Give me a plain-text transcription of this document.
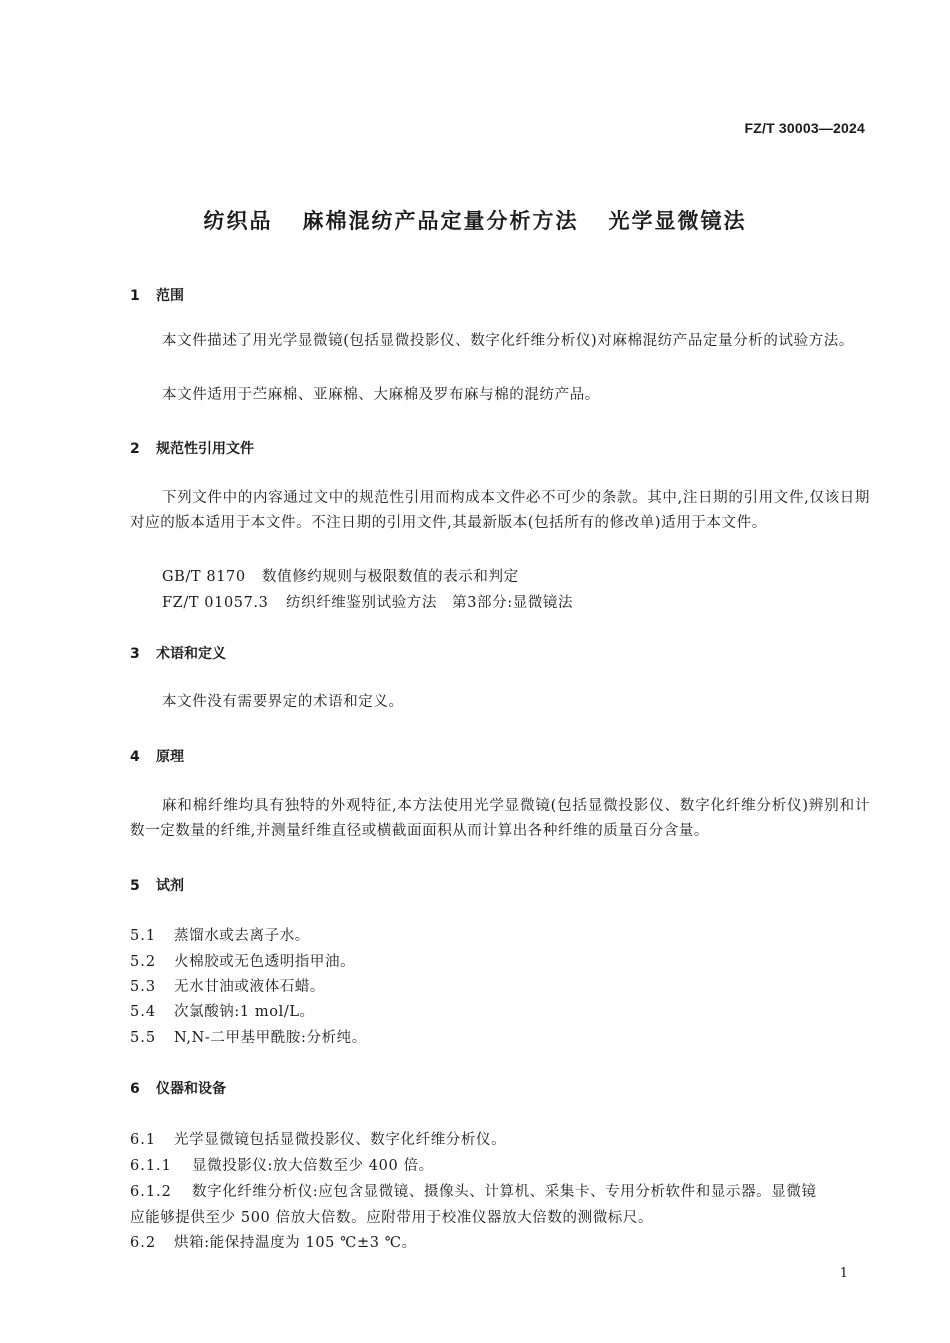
FZ/T 30003—2024
纺织品 麻棉混纺产品定量分析方法 光学显微镜法
1 范围
本文件描述了用光学显微镜(包括显微投影仪、数字化纤维分析仪)对麻棉混纺产品定量分析的试验方法。
本文件适用于苎麻棉、亚麻棉、大麻棉及罗布麻与棉的混纺产品。
2 规范性引用文件
下列文件中的内容通过文中的规范性引用而构成本文件必不可少的条款。其中,注日期的引用文件,仅该日期对应的版本适用于本文件。不注日期的引用文件,其最新版本(包括所有的修改单)适用于本文件。
GB/T 8170 数值修约规则与极限数值的表示和判定
FZ/T 01057.3 纺织纤维鉴别试验方法　第3部分:显微镜法
3 术语和定义
本文件没有需要界定的术语和定义。
4 原理
麻和棉纤维均具有独特的外观特征,本方法使用光学显微镜(包括显微投影仪、数字化纤维分析仪)辨别和计数一定数量的纤维,并测量纤维直径或横截面面积从而计算出各种纤维的质量百分含量。
5 试剂
5.1 蒸馏水或去离子水。
5.2 火棉胶或无色透明指甲油。
5.3 无水甘油或液体石蜡。
5.4 次氯酸钠:1 mol/L。
5.5 N,N-二甲基甲酰胺:分析纯。
6 仪器和设备
6.1 光学显微镜包括显微投影仪、数字化纤维分析仪。
6.1.1 显微投影仪:放大倍数至少 400 倍。
6.1.2 数字化纤维分析仪:应包含显微镜、摄像头、计算机、采集卡、专用分析软件和显示器。显微镜
应能够提供至少 500 倍放大倍数。应附带用于校准仪器放大倍数的测微标尺。
6.2 烘箱:能保持温度为 105 ℃±3 ℃。
1
